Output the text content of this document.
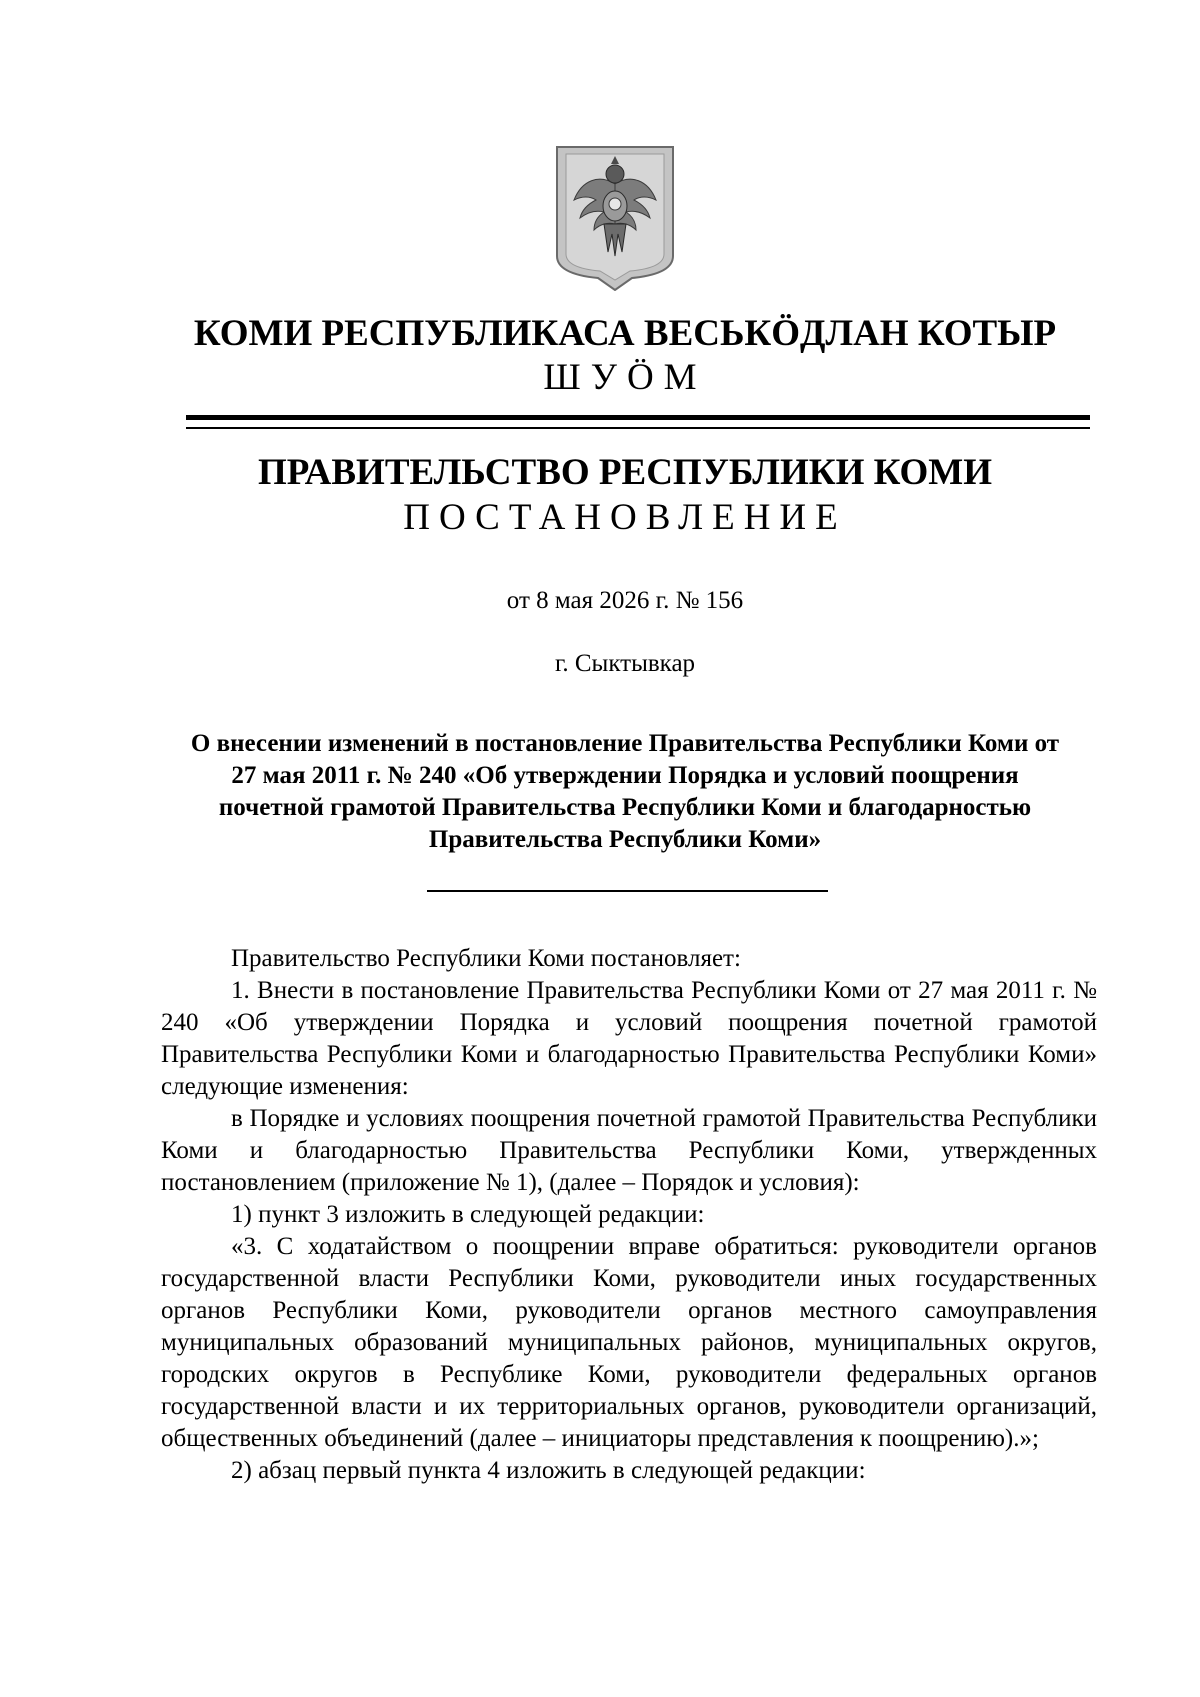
КОМИ РЕСПУБЛИКАСА ВЕСЬКÖДЛАН КОТЫР
ШУÖМ
ПРАВИТЕЛЬСТВО РЕСПУБЛИКИ КОМИ
ПОСТАНОВЛЕНИЕ
от 8 мая 2026 г. № 156
г. Сыктывкар
О внесении изменений в постановление Правительства Республики Коми от 27 мая 2011 г. № 240 «Об утверждении Порядка и условий поощрения почетной грамотой Правительства Республики Коми и благодарностью Правительства Республики Коми»

Правительство Республики Коми постановляет:

1. Внести в постановление Правительства Республики Коми от 27 мая 2011 г. № 240 «Об утверждении Порядка и условий поощрения почетной грамотой Правительства Республики Коми и благодарностью Правительства Республики Коми» следующие изменения:

в Порядке и условиях поощрения почетной грамотой Правительства Республики Коми и благодарностью Правительства Республики Коми, утвержденных постановлением (приложение № 1), (далее – Порядок и условия):

1) пункт 3 изложить в следующей редакции:

«3. С ходатайством о поощрении вправе обратиться: руководители органов государственной власти Республики Коми, руководители иных государственных органов Республики Коми, руководители органов местного самоуправления муниципальных образований муниципальных районов, муниципальных округов, городских округов в Республике Коми, руководители федеральных органов государственной власти и их территориальных органов, руководители организаций, общественных объединений (далее – инициаторы представления к поощрению).»;

2) абзац первый пункта 4 изложить в следующей редакции:
